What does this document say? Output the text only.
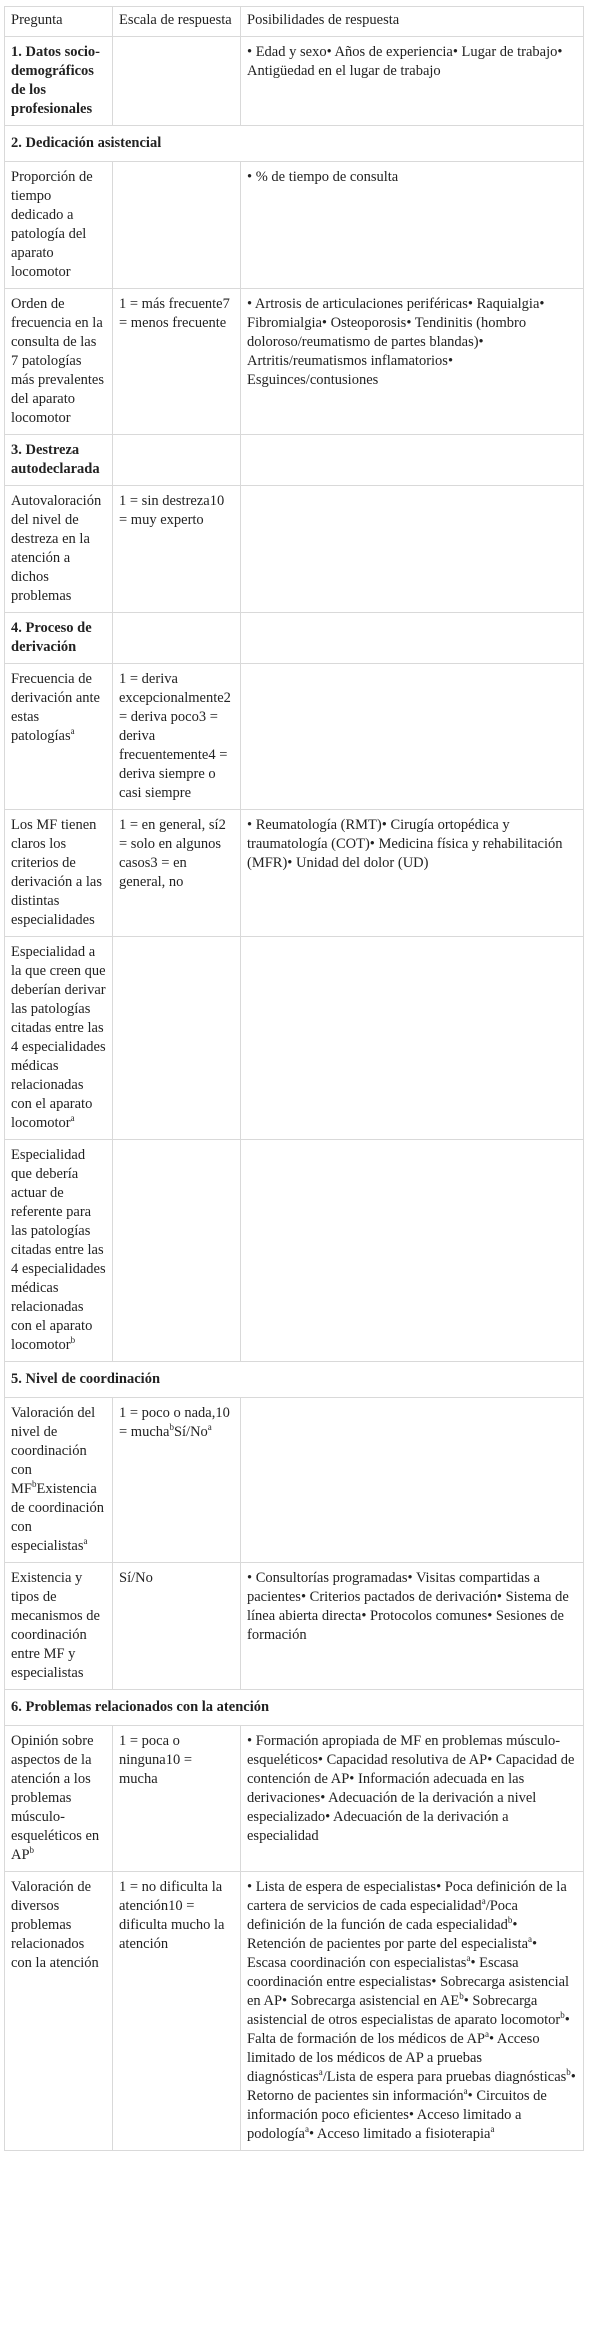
Pregunta	Escala de respuesta	Posibilidades de respuesta
1. Datos socio-demográficos de los profesionales		• Edad y sexo• Años de experiencia• Lugar de trabajo• Antigüedad en el lugar de trabajo
2. Dedicación asistencial		
Proporción de tiempo dedicado a patología del aparato locomotor		• % de tiempo de consulta
Orden de frecuencia en la consulta de las 7 patologías más prevalentes del aparato locomotor	1 = más frecuente7 = menos frecuente	• Artrosis de articulaciones periféricas• Raquialgia• Fibromialgia• Osteoporosis• Tendinitis (hombro doloroso/reumatismo de partes blandas)• Artritis/reumatismos inflamatorios• Esguinces/contusiones
3. Destreza autodeclarada		
Autovaloración del nivel de destreza en la atención a dichos problemas	1 = sin destreza10 = muy experto	
4. Proceso de derivación		
Frecuencia de derivación ante estas patologías$^a$	1 = deriva excepcionalmente2 = deriva poco3 = deriva frecuentemente4 = deriva siempre o casi siempre	
Los MF tienen claros los criterios de derivación a las distintas especialidades	1 = en general, sí2 = solo en algunos casos3 = en general, no	• Reumatología (RMT)• Cirugía ortopédica y traumatología (COT)• Medicina física y rehabilitación (MFR)• Unidad del dolor (UD)
Especialidad a la que creen que deberían derivar las patologías citadas entre las 4 especialidades médicas relacionadas con el aparato locomotor$^a$		
Especialidad que debería actuar de referente para las patologías citadas entre las 4 especialidades médicas relacionadas con el aparato locomotor$^b$		
5. Nivel de coordinación		
Valoración del nivel de coordinación con $MF^bExistencia$ de coordinación con especialistas$^a$	1 = poco o nada,10 = $mucha^bSí/No^a$	
Existencia y tipos de mecanismos de coordinación entre MF y especialistas	Sí/No	• Consultorías programadas• Visitas compartidas a pacientes• Criterios pactados de derivación• Sistema de línea abierta directa• Protocolos comunes• Sesiones de formación
6. Problemas relacionados con la atención		
Opinión sobre aspectos de la atención a los problemas músculo-esqueléticos en $AP^b$	1 = poca o ninguna10 = mucha	• Formación apropiada de MF en problemas músculo-esqueléticos• Capacidad resolutiva de AP• Capacidad de contención de AP• Información adecuada en las derivaciones• Adecuación de la derivación a nivel especializado• Adecuación de la derivación a especialidad
Valoración de diversos problemas relacionados con la atención	1 = no dificulta la atención10 = dificulta mucho la atención	• Lista de espera de especialistas• Poca definición de la cartera de servicios de cada especialidad$^a$/Poca definición de la función de cada especialidad$^b$• Retención de pacientes por parte del especialista$^a$• Escasa coordinación con especialistas$^a$• Escasa coordinación entre especialistas• Sobrecarga asistencial en AP• Sobrecarga asistencial en $AE^b•$ Sobrecarga asistencial de otros especialistas de aparato locomotor$^b$• Falta de formación de los médicos de $AP^a•$ Acceso limitado de los médicos de AP a pruebas diagnósticas$^a$/Lista de espera para pruebas diagnósticas$^b$• Retorno de pacientes sin información$^a$• Circuitos de información poco eficientes• Acceso limitado a podología$^a$• Acceso limitado a fisioterapia$^a$
